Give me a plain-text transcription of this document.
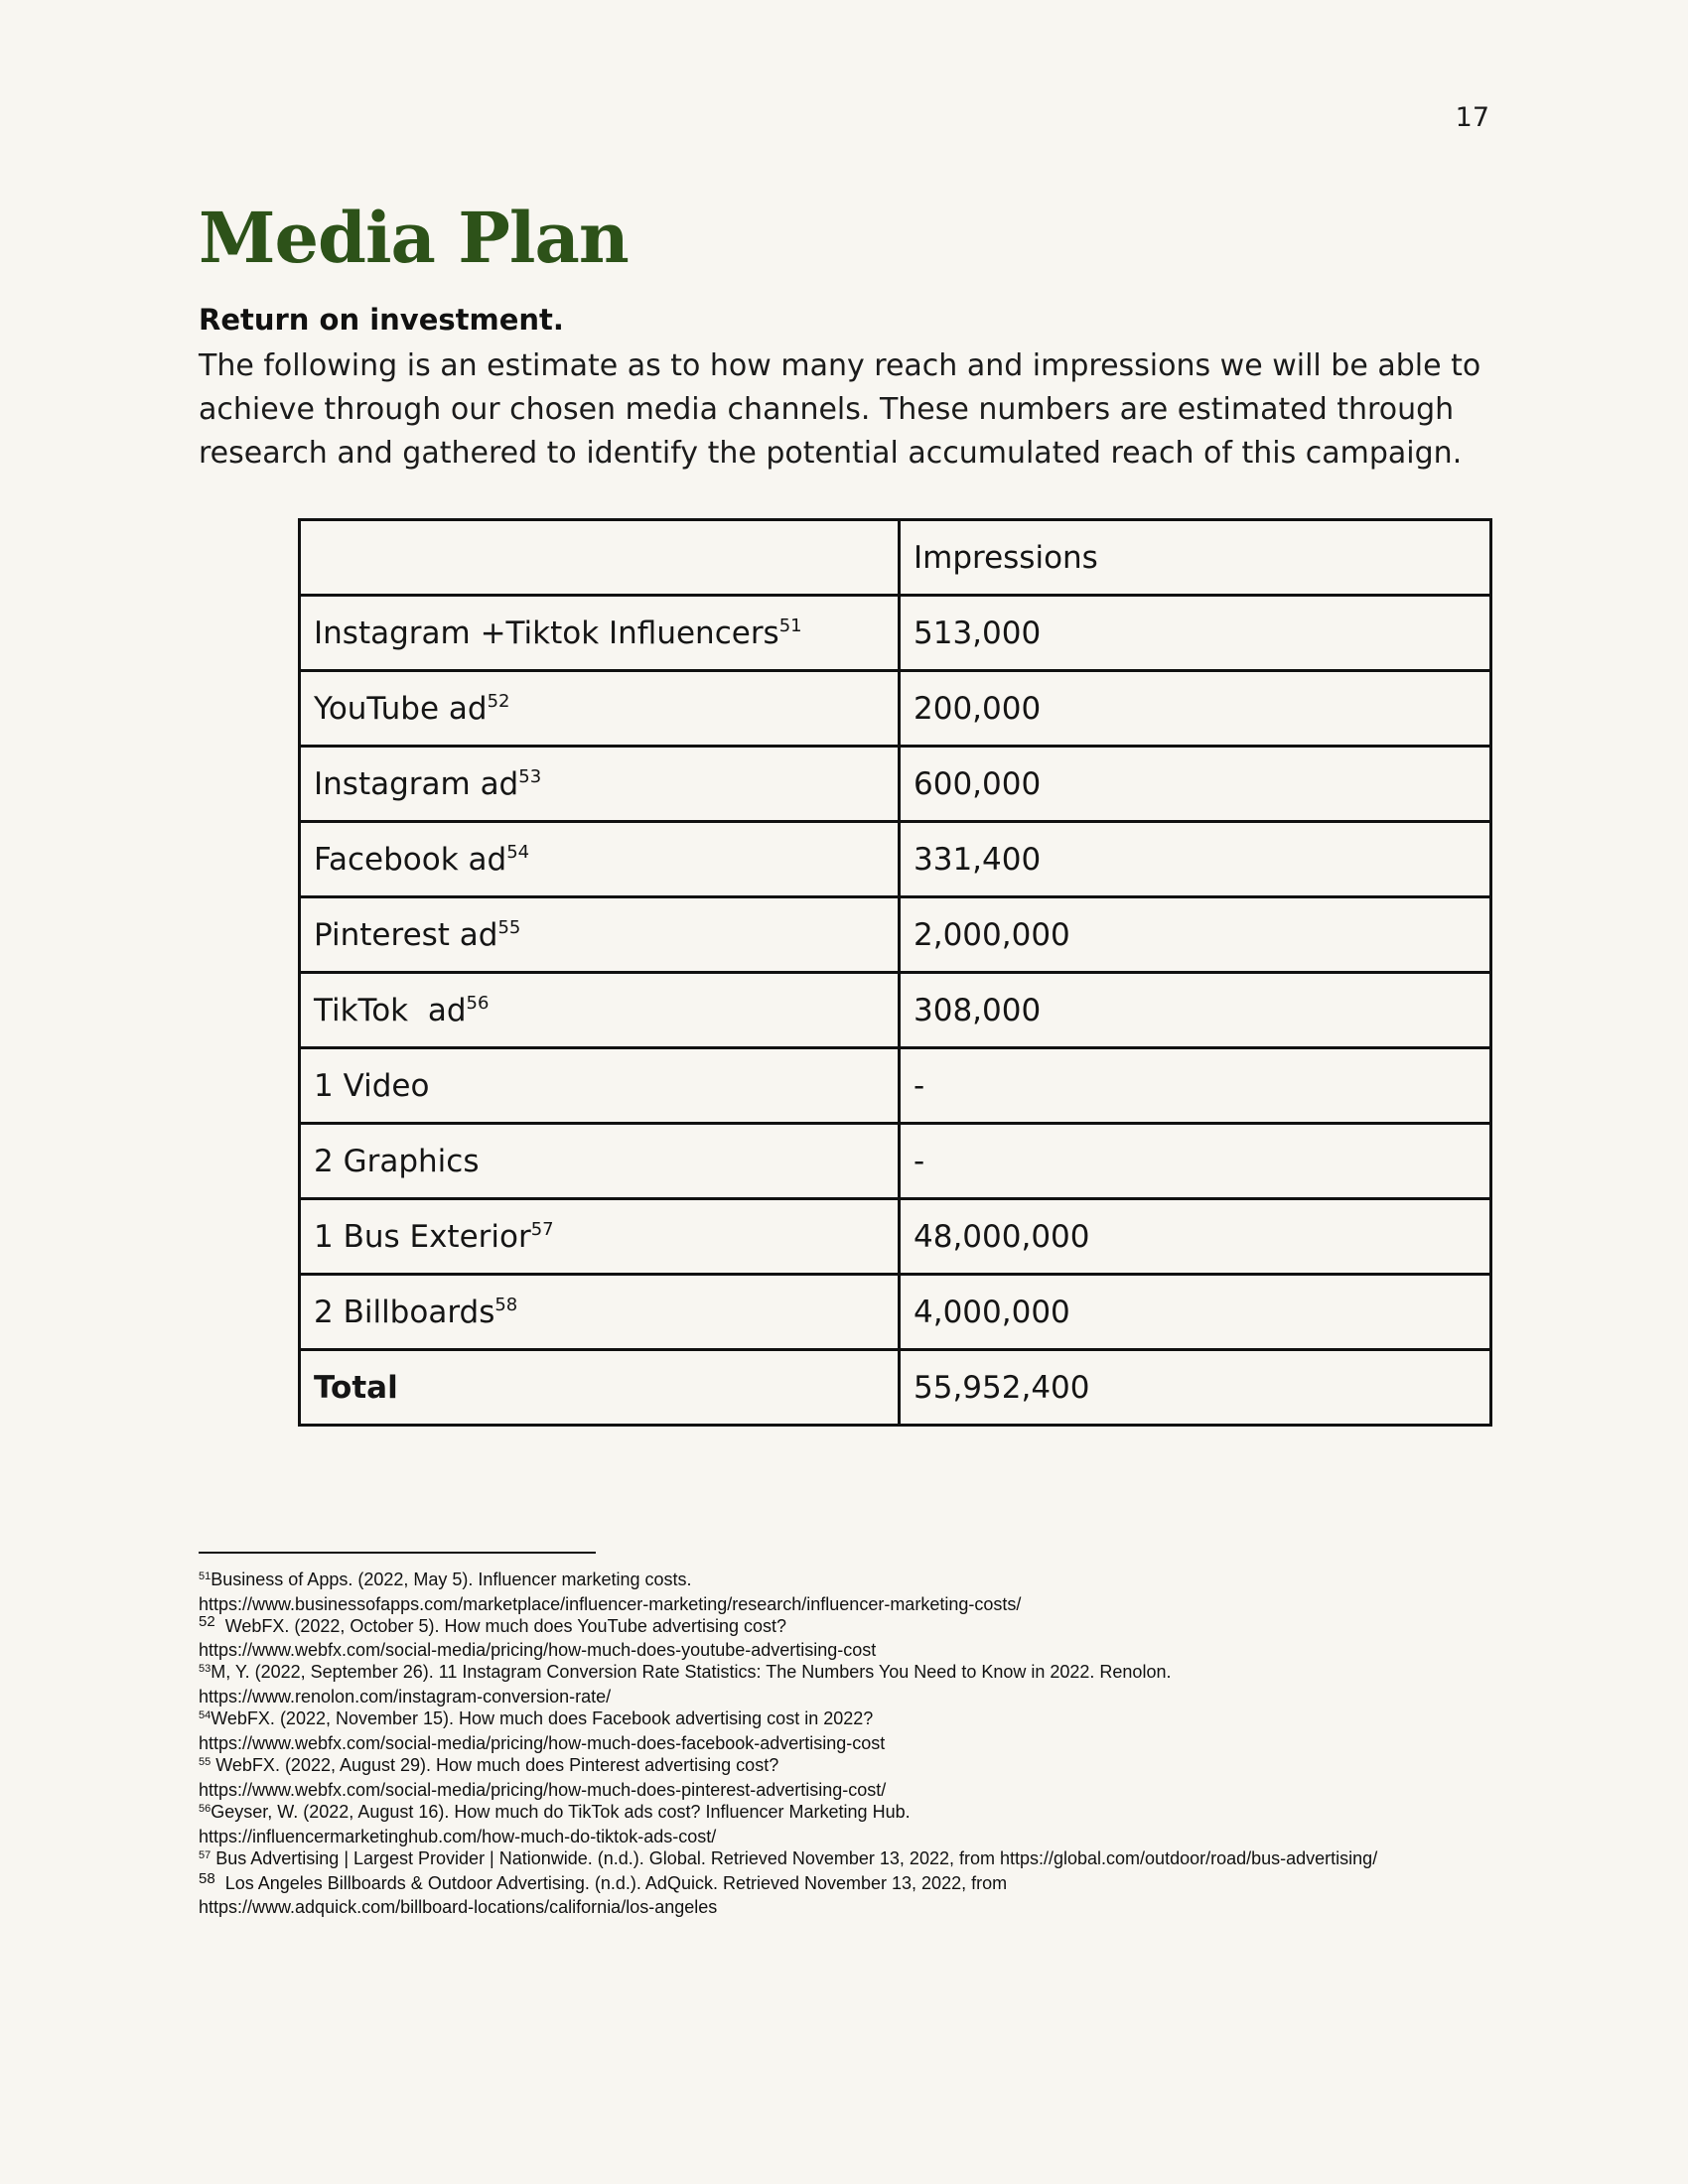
17
Media Plan
Return on investment.
The following is an estimate as to how many reach and impressions we will be able to
achieve through our chosen media channels. These numbers are estimated through
research and gathered to identify the potential accumulated reach of this campaign.
	Impressions
Instagram +Tiktok Influencers$^{51}$	513,000
YouTube $ad^{52}$	200,000
Instagram $ad^{53}$	600,000
Facebook $ad^{54}$	331,400
Pinterest $ad^{55}$	2,000,000
TikTok  $ad^{56}$	308,000
1 Video	-
2 Graphics	-
1 Bus Exterior$^{57}$	48,000,000
2 Billboards$^{58}$	4,000,000
Total	55,952,400
$^{51}$Business of Apps. (2022, May 5). Influencer marketing costs.
https://www.businessofapps.com/marketplace/influencer-marketing/research/influencer-marketing-costs/
$^{52}$  WebFX. (2022, October 5). How much does YouTube advertising cost?
https://www.webfx.com/social-media/pricing/how-much-does-youtube-advertising-cost
$^{53}$M, Y. (2022, September 26). 11 Instagram Conversion Rate Statistics: The Numbers You Need to Know in 2022. Renolon.
https://www.renolon.com/instagram-conversion-rate/
$^{54}$WebFX. (2022, November 15). How much does Facebook advertising cost in 2022?
https://www.webfx.com/social-media/pricing/how-much-does-facebook-advertising-cost
$^{55}$ WebFX. (2022, August 29). How much does Pinterest advertising cost?
https://www.webfx.com/social-media/pricing/how-much-does-pinterest-advertising-cost/
$^{56}$Geyser, W. (2022, August 16). How much do TikTok ads cost? Influencer Marketing Hub.
https://influencermarketinghub.com/how-much-do-tiktok-ads-cost/
$^{57}$ Bus Advertising | Largest Provider | Nationwide. (n.d.). Global. Retrieved November 13, 2022, from https://global.com/outdoor/road/bus-advertising/
$^{58}$  Los Angeles Billboards & Outdoor Advertising. (n.d.). AdQuick. Retrieved November 13, 2022, from
https://www.adquick.com/billboard-locations/california/los-angeles
